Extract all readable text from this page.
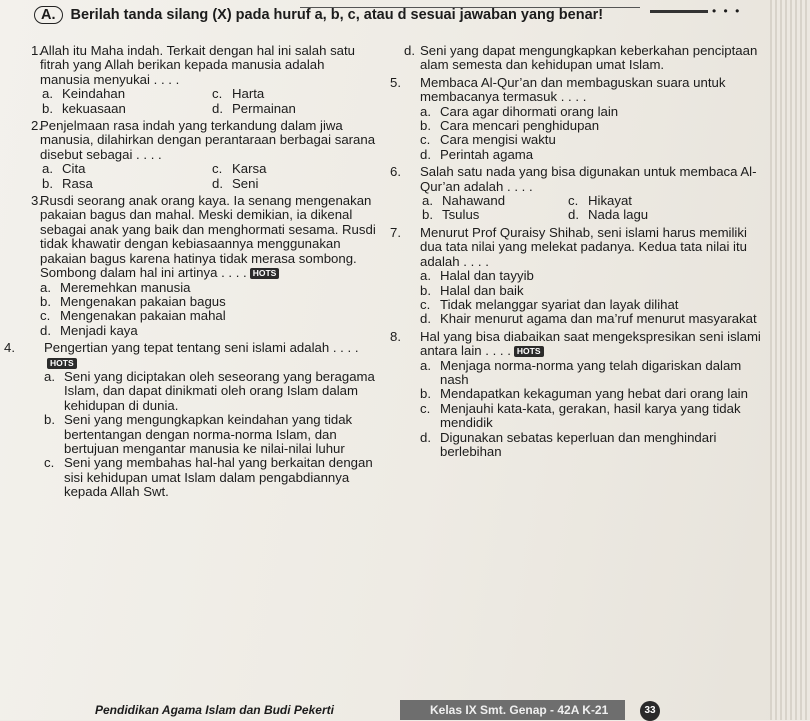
• • •
A. Berilah tanda silang (X) pada huruf a, b, c, atau d sesuai jawaban yang benar!
1.
Allah itu Maha indah. Terkait dengan hal ini salah satu fitrah yang Allah berikan kepada manusia adalah manusia menyukai . . . .
a. Keindahan	c. Harta
b. kekuasaan	d. Permainan
2.
Penjelmaan rasa indah yang terkandung dalam jiwa manusia, dilahirkan dengan perantaraan berbagai sarana disebut sebagai . . . .
a. Cita	c. Karsa
b. Rasa	d. Seni
3.
Rusdi seorang anak orang kaya. Ia senang mengenakan pakaian bagus dan mahal. Meski demikian, ia dikenal sebagai anak yang baik dan menghormati sesama. Rusdi tidak khawatir dengan kebiasaannya menggunakan pakaian bagus karena hatinya tidak merasa sombong. Sombong dalam hal ini artinya . . . . HOTS
a. Meremehkan manusia
b. Mengenakan pakaian bagus
c. Mengenakan pakaian mahal
d. Menjadi kaya
4. Pengertian yang tepat tentang seni islami adalah . . . .HOTS
a. Seni yang diciptakan oleh seseorang yang beragama Islam, dan dapat dinikmati oleh orang Islam dalam kehidupan di dunia.
b. Seni yang mengungkapkan keindahan yang tidak bertentangan dengan norma-norma Islam, dan bertujuan mengantar manusia ke nilai-nilai luhur
c. Seni yang membahas hal-hal yang berkaitan dengan sisi kehidupan umat Islam dalam pengabdiannya kepada Allah Swt.
d. Seni yang dapat mengungkapkan keberkahan penciptaan alam semesta dan kehidupan umat Islam.
5. Membaca Al-Qur’an dan membaguskan suara untuk membacanya termasuk . . . .
a. Cara agar dihormati orang lain
b. Cara mencari penghidupan
c. Cara mengisi waktu
d. Perintah agama
6. Salah satu nada yang bisa digunakan untuk membaca Al-Qur’an adalah . . . .
a. Nahawand	c. Hikayat
b. Tsulus	d. Nada lagu
7. Menurut Prof Quraisy Shihab, seni islami harus memiliki dua tata nilai yang melekat padanya. Kedua tata nilai itu adalah . . . .
a. Halal dan tayyib
b. Halal dan baik
c. Tidak melanggar syariat dan layak dilihat
d. Khair menurut agama dan ma’ruf menurut masyarakat
8. Hal yang bisa diabaikan saat mengekspresikan seni islami antara lain . . . . HOTS
a. Menjaga norma-norma yang telah digariskan dalam nash
b. Mendapatkan kekaguman yang hebat dari orang lain
c. Menjauhi kata-kata, gerakan, hasil karya yang tidak mendidik
d. Digunakan sebatas keperluan dan menghindari berlebihan
Pendidikan Agama Islam dan Budi Pekerti	Kelas IX Smt. Genap - 42A K-21	33
